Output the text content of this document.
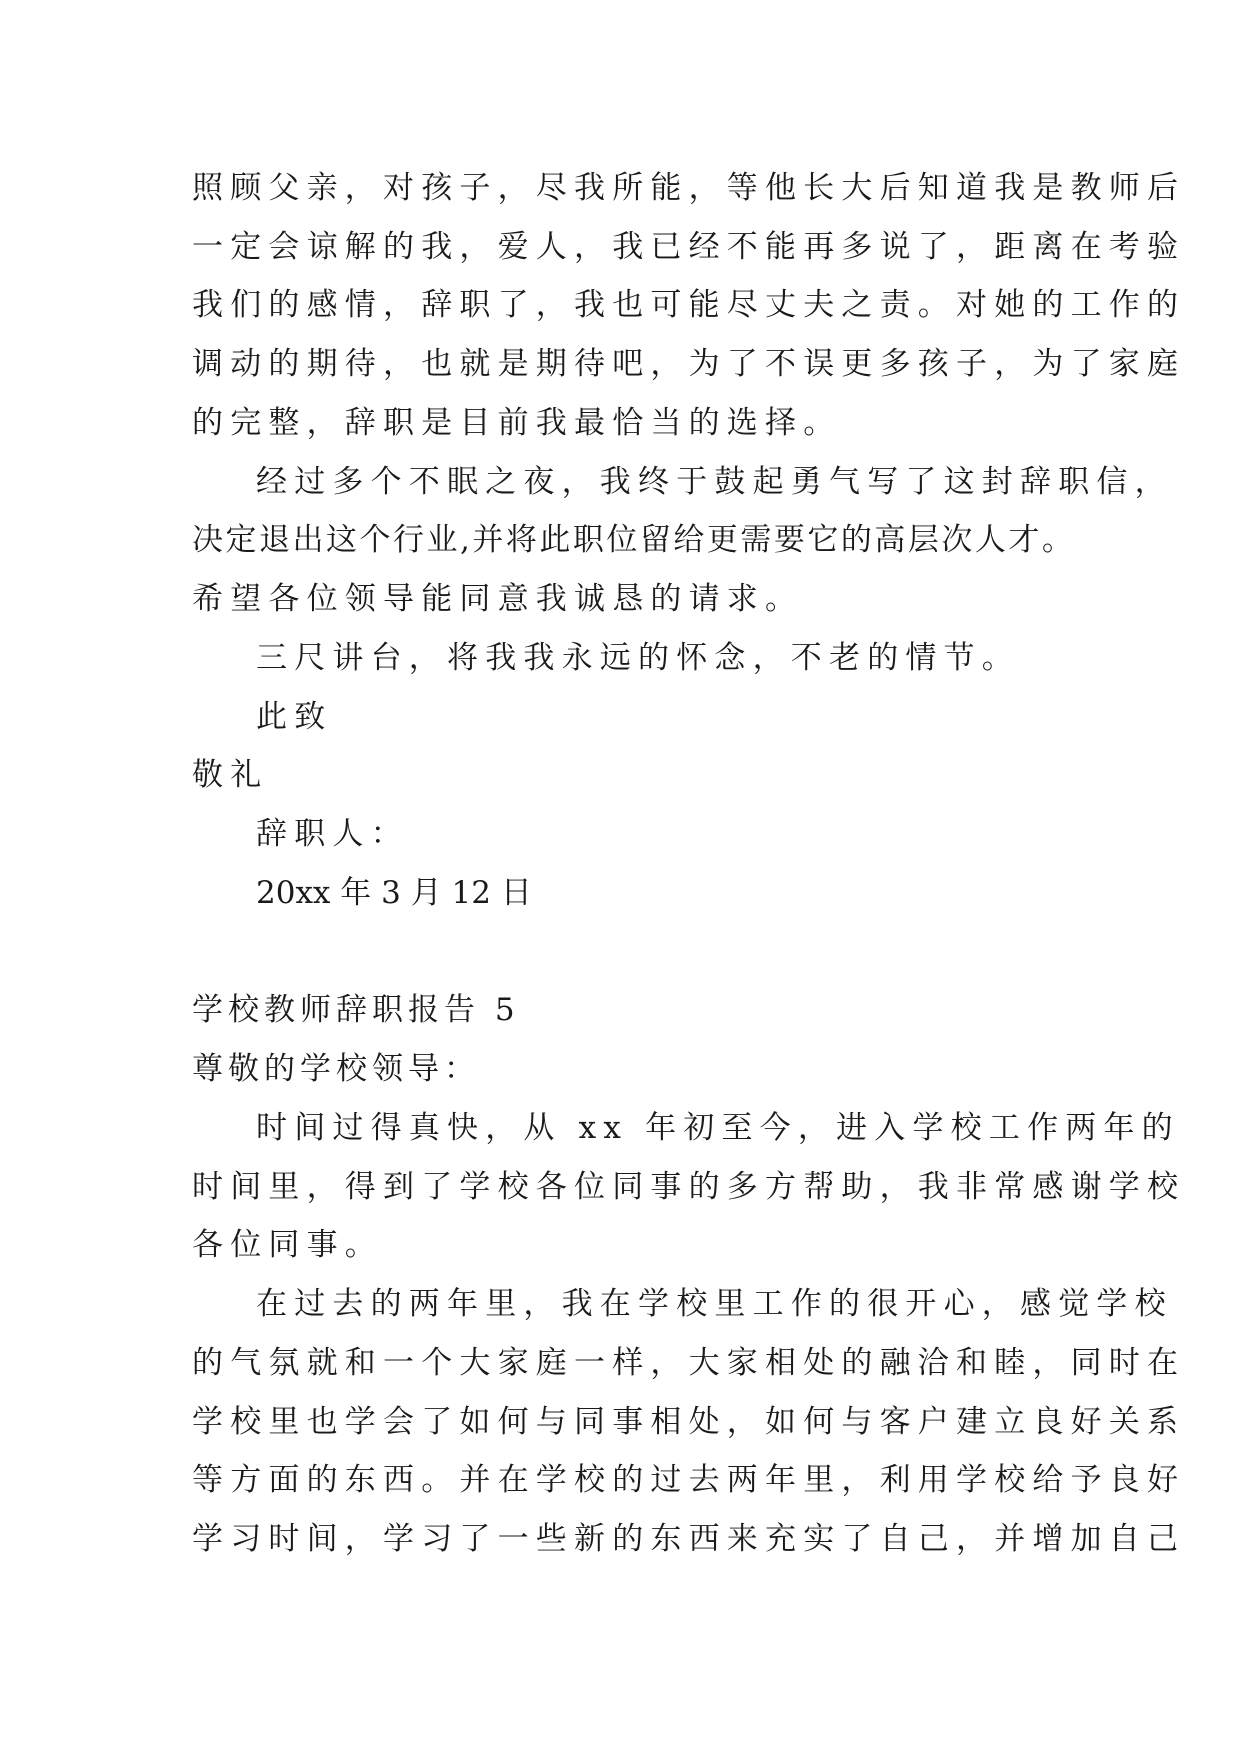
照顾父亲，对孩子，尽我所能，等他长大后知道我是教师后

一定会谅解的我，爱人，我已经不能再多说了，距离在考验

我们的感情，辞职了，我也可能尽丈夫之责。对她的工作的

调动的期待，也就是期待吧，为了不误更多孩子，为了家庭

的完整，辞职是目前我最恰当的选择。

经过多个不眠之夜，我终于鼓起勇气写了这封辞职信，

决定退出这个行业,并将此职位留给更需要它的高层次人才。

希望各位领导能同意我诚恳的请求。

三尺讲台，将我我永远的怀念，不老的情节。

此致

敬礼

辞职人：

20xx 年 3 月 12 日

学校教师辞职报告 5

尊敬的学校领导：

时间过得真快，从 xx 年初至今，进入学校工作两年的

时间里，得到了学校各位同事的多方帮助，我非常感谢学校

各位同事。

在过去的两年里，我在学校里工作的很开心，感觉学校

的气氛就和一个大家庭一样，大家相处的融洽和睦，同时在

学校里也学会了如何与同事相处，如何与客户建立良好关系

等方面的东西。并在学校的过去两年里，利用学校给予良好

学习时间，学习了一些新的东西来充实了自己，并增加自己
